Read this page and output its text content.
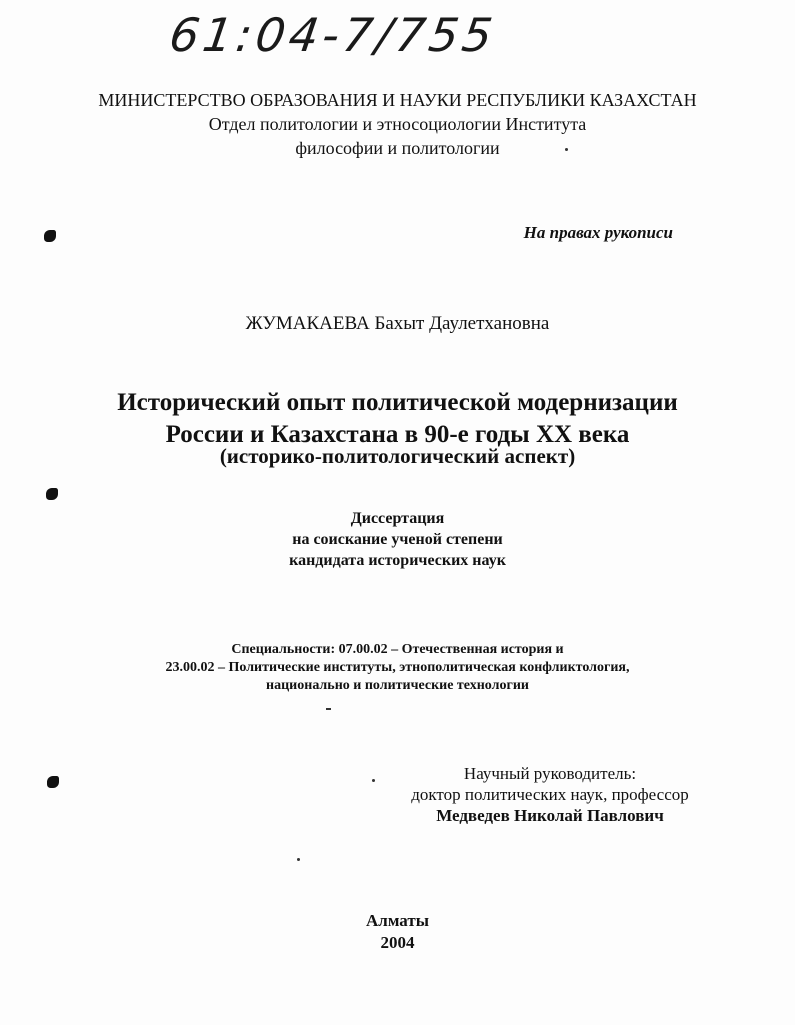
61:04-7/755
МИНИСТЕРСТВО ОБРАЗОВАНИЯ И НАУКИ РЕСПУБЛИКИ КАЗАХСТАН
Отдел политологии и этносоциологии Института
философии и политологии
На правах рукописи
ЖУМАКАЕВА Бахыт Даулетхановна
Исторический опыт политической модернизации
России и Казахстана в 90-е годы XX века
(историко-политологический аспект)
Диссертация
на соискание ученой степени
кандидата исторических наук
Специальности: 07.00.02 – Отечественная история и
23.00.02 – Политические институты, этнополитическая конфликтология,
национально и политические технологии
Научный руководитель:
доктор политических наук, профессор
Медведев Николай Павлович
Алматы
2004
